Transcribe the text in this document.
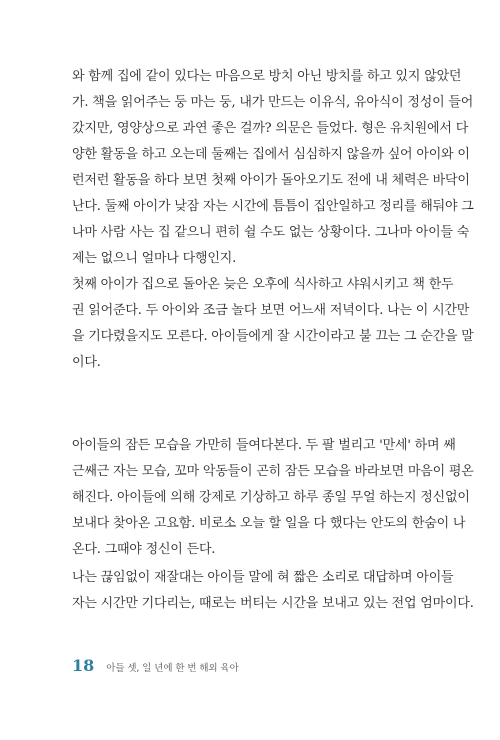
와 함께 집에 같이 있다는 마음으로 방치 아닌 방치를 하고 있지 않았던
가. 책을 읽어주는 둥 마는 둥, 내가 만드는 이유식, 유아식이 정성이 들어
갔지만, 영양상으로 과연 좋은 걸까? 의문은 들었다. 형은 유치원에서 다
양한 활동을 하고 오는데 둘째는 집에서 심심하지 않을까 싶어 아이와 이
런저런 활동을 하다 보면 첫째 아이가 돌아오기도 전에 내 체력은 바닥이
난다. 둘째 아이가 낮잠 자는 시간에 틈틈이 집안일하고 정리를 해둬야 그
나마 사람 사는 집 같으니 편히 쉴 수도 없는 상황이다. 그나마 아이들 숙
제는 없으니 얼마나 다행인지.
첫째 아이가 집으로 돌아온 늦은 오후에 식사하고 샤워시키고 책 한두
권 읽어준다. 두 아이와 조금 놀다 보면 어느새 저녁이다. 나는 이 시간만
을 기다렸을지도 모른다. 아이들에게 잘 시간이라고 불 끄는 그 순간을 말
이다.
아이들의 잠든 모습을 가만히 들여다본다. 두 팔 벌리고 '만세' 하며 쌔
근쌔근 자는 모습, 꼬마 악동들이 곤히 잠든 모습을 바라보면 마음이 평온
해진다. 아이들에 의해 강제로 기상하고 하루 종일 무얼 하는지 정신없이
보내다 찾아온 고요함. 비로소 오늘 할 일을 다 했다는 안도의 한숨이 나
온다. 그때야 정신이 든다.
나는 끊임없이 재잘대는 아이들 말에 혀 짧은 소리로 대답하며 아이들
자는 시간만 기다리는, 때로는 버티는 시간을 보내고 있는 전업 엄마이다.
18 아들 셋, 일 년에 한 번 해외 육아
